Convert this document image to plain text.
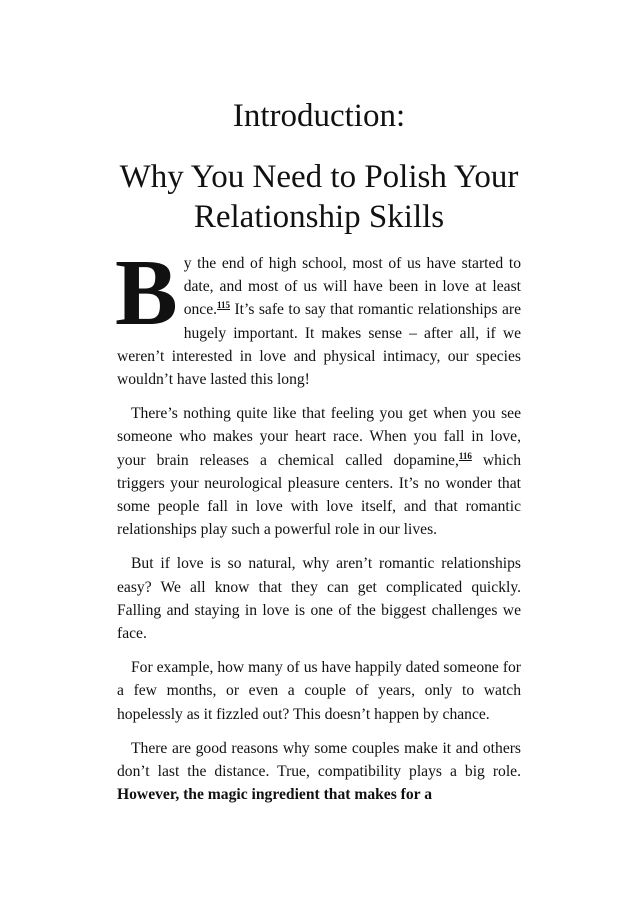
Introduction:
Why You Need to Polish Your Relationship Skills

By the end of high school, most of us have started to date, and most of us will have been in love at least once.$^{115}$ It’s safe to say that romantic relationships are hugely important. It makes sense – after all, if we weren’t interested in love and physical intimacy, our species wouldn’t have lasted this long!

There’s nothing quite like that feeling you get when you see someone who makes your heart race. When you fall in love, your brain releases a chemical called dopamine,$^{116}$ which triggers your neurological pleasure centers. It’s no wonder that some people fall in love with love itself, and that romantic relationships play such a powerful role in our lives.

But if love is so natural, why aren’t romantic relationships easy? We all know that they can get complicated quickly. Falling and staying in love is one of the biggest challenges we face.

For example, how many of us have happily dated someone for a few months, or even a couple of years, only to watch hopelessly as it fizzled out? This doesn’t happen by chance.

There are good reasons why some couples make it and others don’t last the distance. True, compatibility plays a big role. However, the magic ingredient that makes for a
